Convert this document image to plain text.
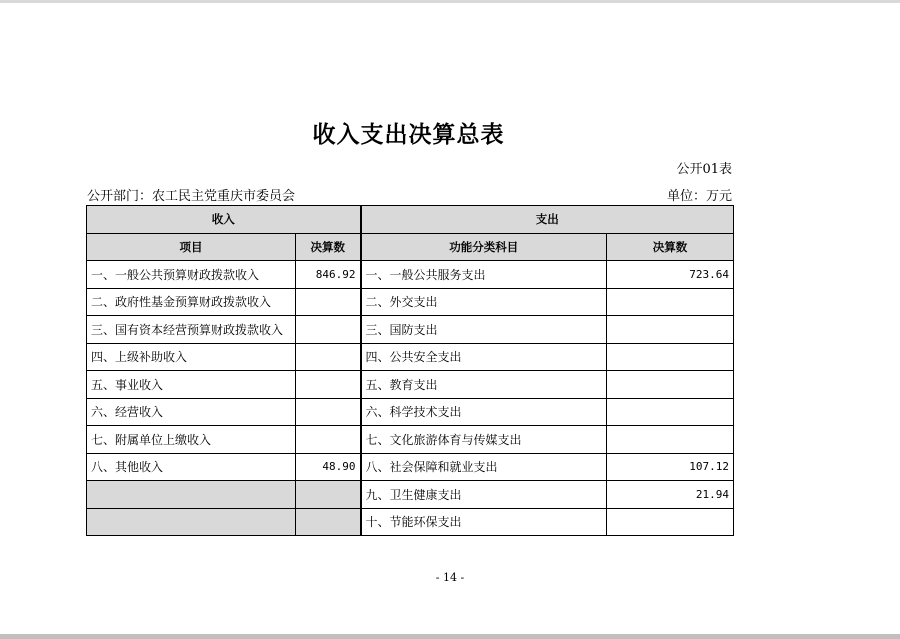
收入支出决算总表
公开01表
公开部门：农工民主党重庆市委员会	单位：万元
收入		支出	
项目	决算数	功能分类科目	决算数
一、一般公共预算财政拨款收入	846.92	一、一般公共服务支出	723.64
二、政府性基金预算财政拨款收入		二、外交支出	
三、国有资本经营预算财政拨款收入		三、国防支出	
四、上级补助收入		四、公共安全支出	
五、事业收入		五、教育支出	
六、经营收入		六、科学技术支出	
七、附属单位上缴收入		七、文化旅游体育与传媒支出	
八、其他收入	48.90	八、社会保障和就业支出	107.12
		九、卫生健康支出	21.94
		十、节能环保支出	
- 14 -
